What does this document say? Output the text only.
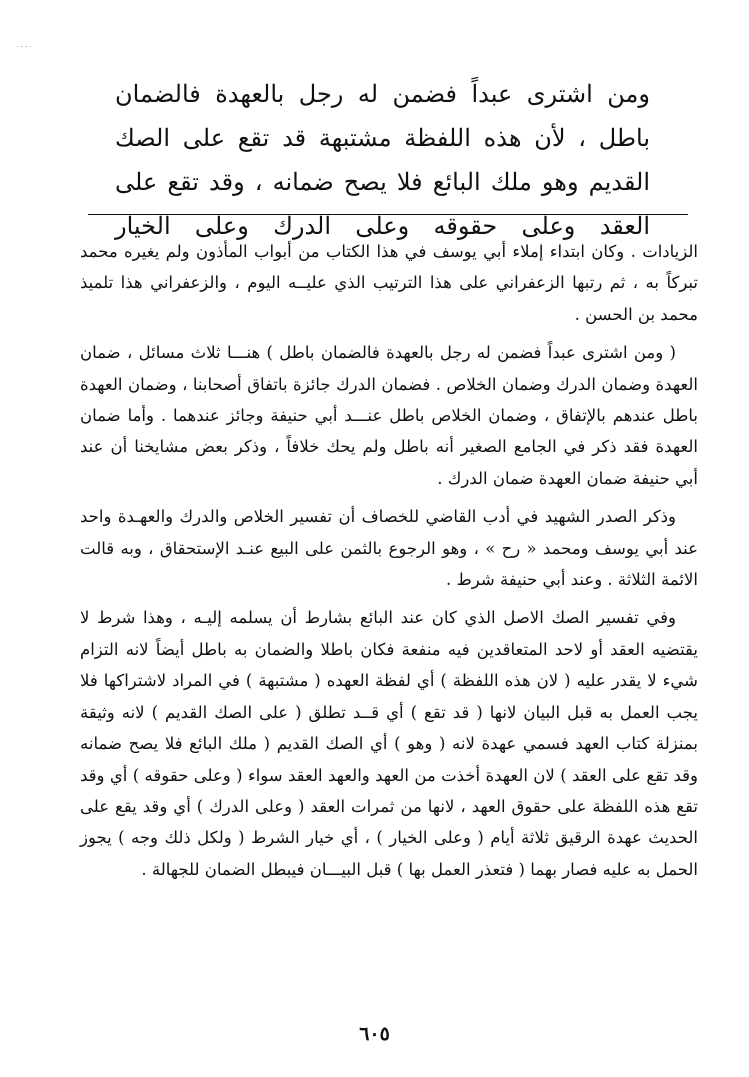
....

ومن اشترى عبداً فضمن له رجل بالعهدة فالضمان باطل ، لأن هذه اللفظة مشتبهة قد تقع على الصك القديم وهو ملك البائع فلا يصح ضمانه ، وقد تقع على العقد وعلى حقوقه وعلى الدرك وعلى الخيار

الزيادات . وكان ابتداء إملاء أبي يوسف في هذا الكتاب من أبواب المأذون ولم يغيره محمد تبركاً به ، ثم رتبها الزعفراني على هذا الترتيب الذي عليــه اليوم ، والزعفراني هذا تلميذ محمد بن الحسن .

( ومن اشترى عبداً فضمن له رجل بالعهدة فالضمان باطل ) هنـــا ثلاث مسائل ، ضمان العهدة وضمان الدرك وضمان الخلاص . فضمان الدرك جائزة باتفاق أصحابنا ، وضمان العهدة باطل عندهم بالإتفاق ، وضمان الخلاص باطل عنـــد أبي حنيفة وجائز عندهما . وأما ضمان العهدة فقد ذكر في الجامع الصغير أنه باطل ولم يحك خلافاً ، وذكر بعض مشايخنا أن عند أبي حنيفة ضمان العهدة ضمان الدرك .

وذكر الصدر الشهيد في أدب القاضي للخصاف أن تفسير الخلاص والدرك والعهـدة واحد عند أبي يوسف ومحمد « رح » ، وهو الرجوع بالثمن على البيع عنـد الإستحقاق ، وبه قالت الائمة الثلاثة . وعند أبي حنيفة شرط .

وفي تفسير الصك الاصل الذي كان عند البائع بشارط أن يسلمه إليـه ، وهذا شرط لا يقتضيه العقد أو لاحد المتعاقدين فيه منفعة فكان باطلا والضمان به باطل أيضاً لانه التزام شيء لا يقدر عليه ( لان هذه اللفظة ) أي لفظة العهده ( مشتبهة ) في المراد لاشتراكها فلا يجب العمل به قبل البيان لانها ( قد تقع ) أي قــد تطلق ( على الصك القديم ) لانه وثيقة بمنزلة كتاب العهد فسمي عهدة لانه ( وهو ) أي الصك القديم ( ملك البائع فلا يصح ضمانه وقد تقع على العقد ) لان العهدة أخذت من العهد والعهد العقد سواء ( وعلى حقوقه ) أي وقد تقع هذه اللفظة على حقوق العهد ، لانها من ثمرات العقد ( وعلى الدرك ) أي وقد يقع على الحديث عهدة الرقيق ثلاثة أيام ( وعلى الخيار ) ، أي خيار الشرط ( ولكل ذلك وجه ) يجوز الحمل به عليه فصار بهما ( فتعذر العمل بها ) قبل البيـــان فيبطل الضمان للجهالة .

٦٠٥
